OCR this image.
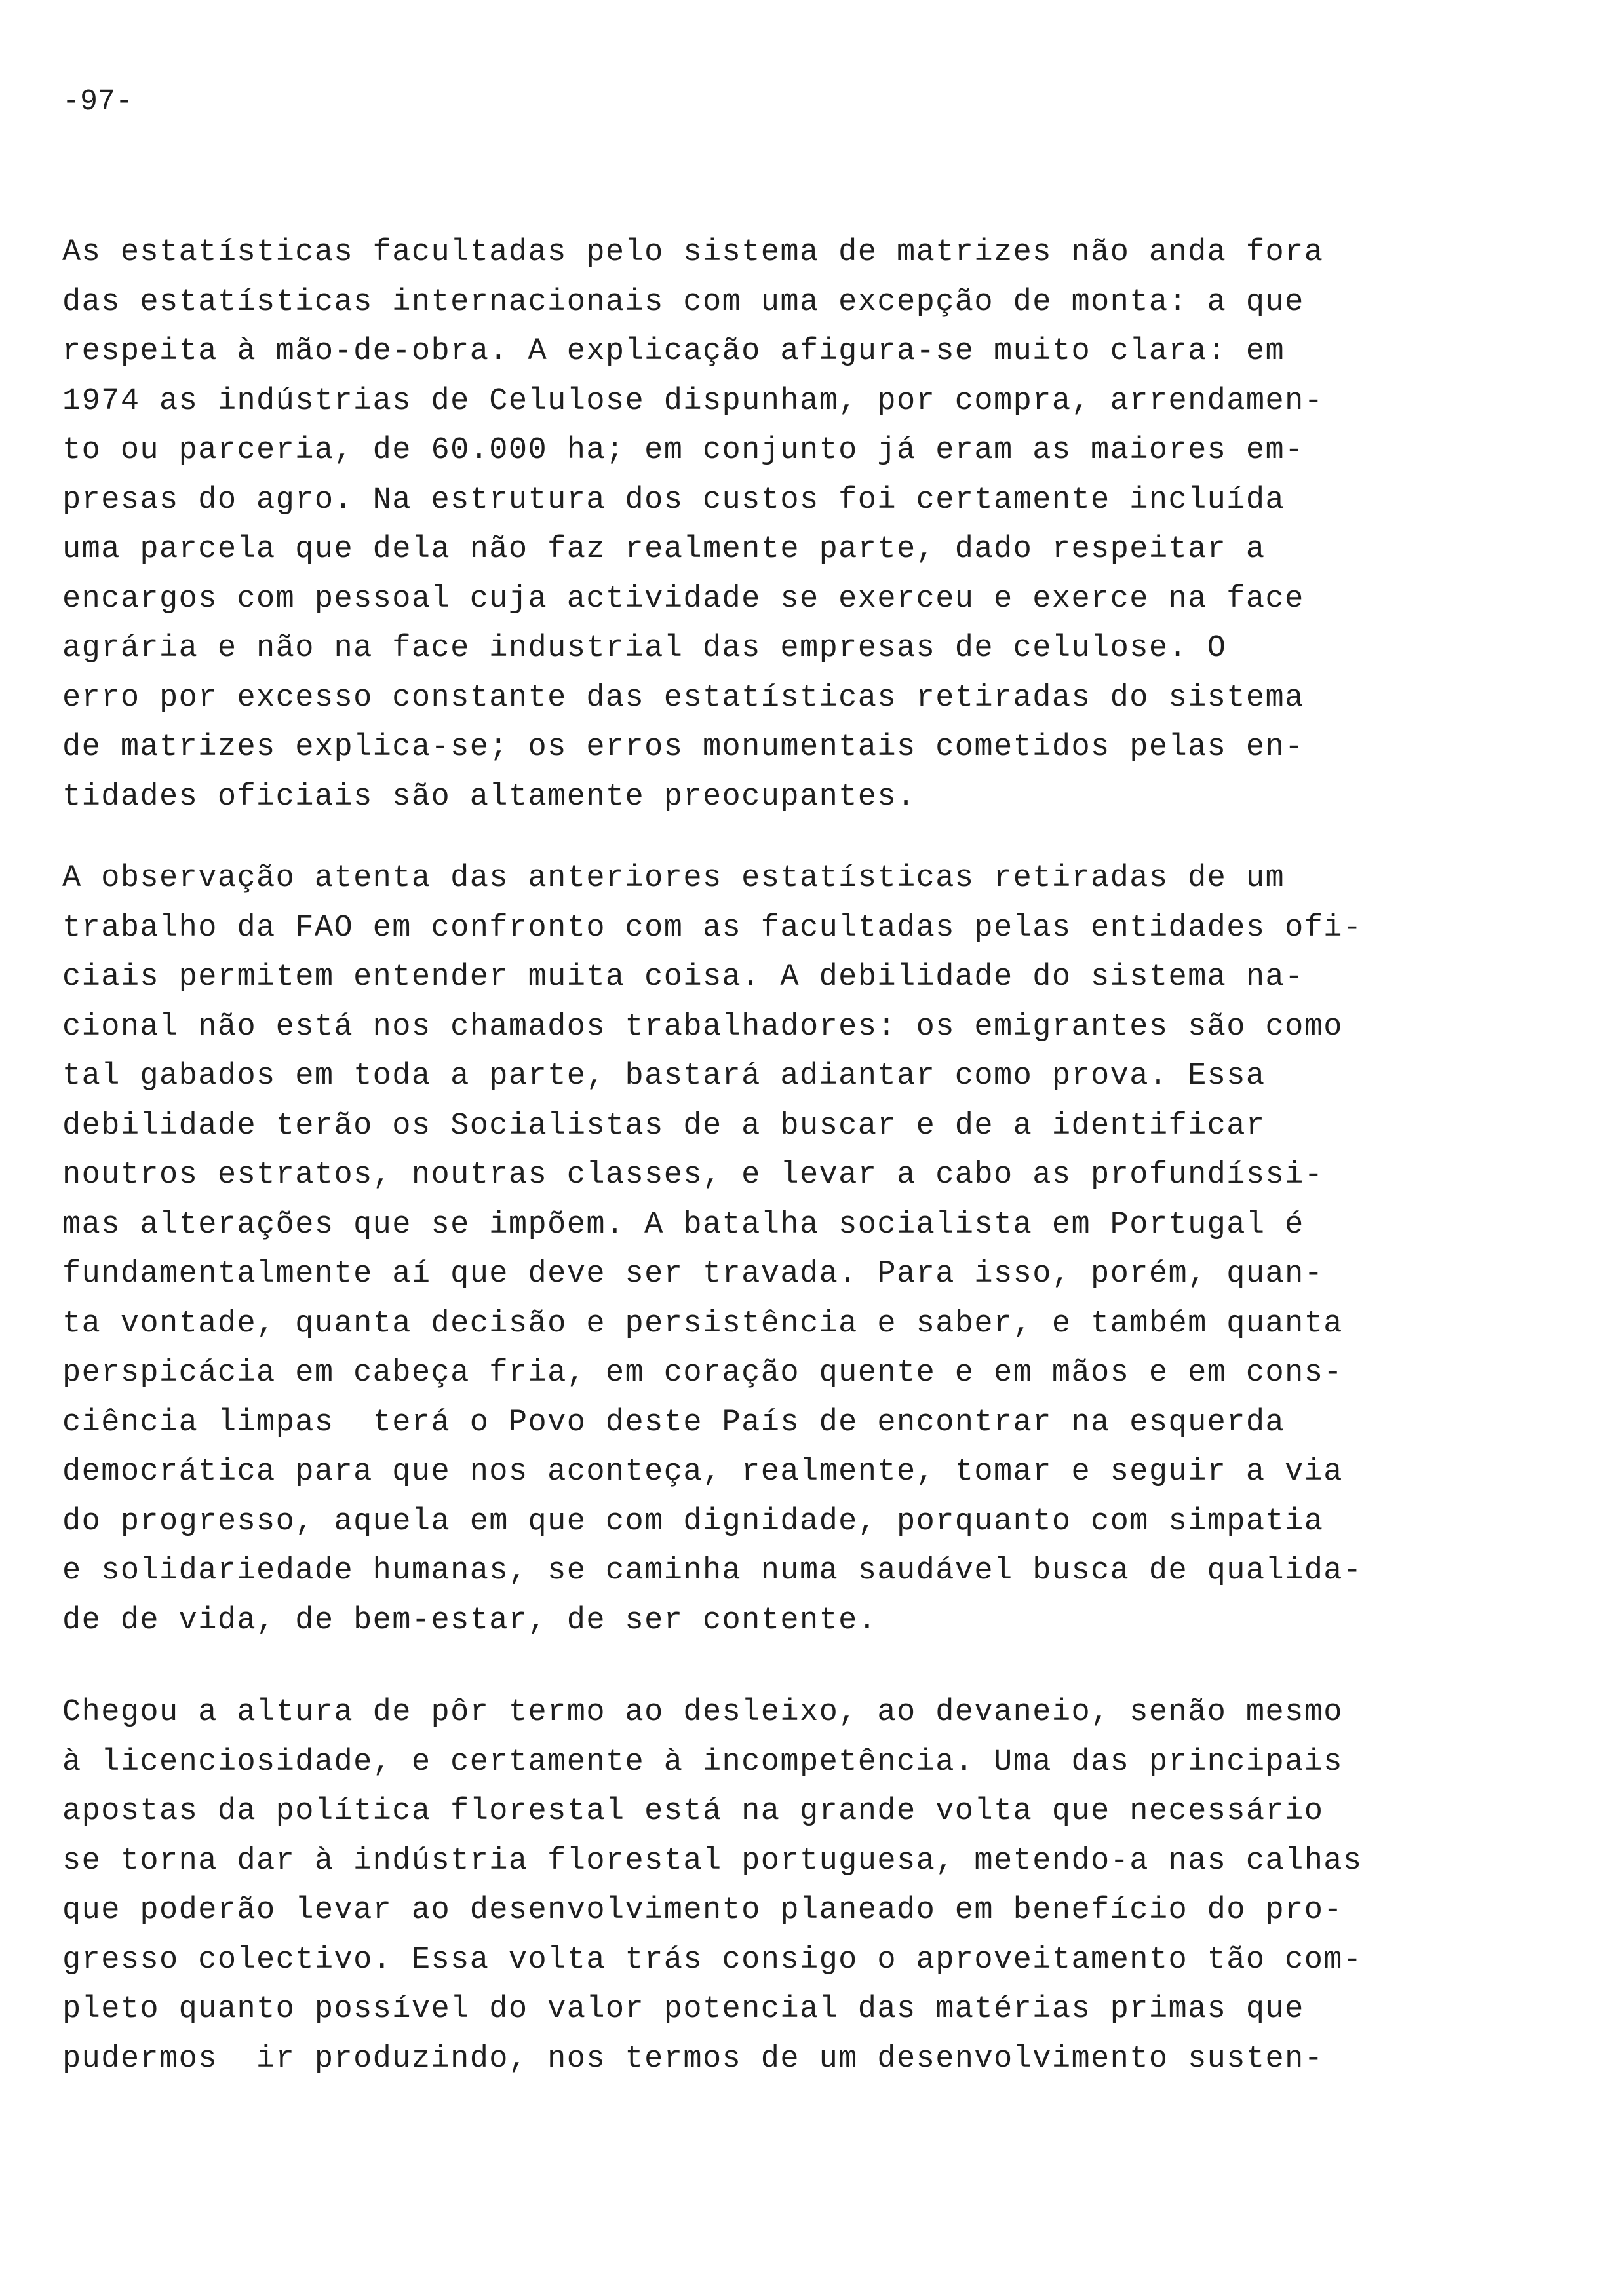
-97-
As estatísticas facultadas pelo sistema de matrizes não anda fora
das estatísticas internacionais com uma excepção de monta: a que
respeita à mão-de-obra. A explicação afigura-se muito clara: em
1974 as indústrias de Celulose dispunham, por compra, arrendamen-
to ou parceria, de 60.000 ha; em conjunto já eram as maiores em-
presas do agro. Na estrutura dos custos foi certamente incluída
uma parcela que dela não faz realmente parte, dado respeitar a
encargos com pessoal cuja actividade se exerceu e exerce na face
agrária e não na face industrial das empresas de celulose. O
erro por excesso constante das estatísticas retiradas do sistema
de matrizes explica-se; os erros monumentais cometidos pelas en-
tidades oficiais são altamente preocupantes.
A observação atenta das anteriores estatísticas retiradas de um
trabalho da FAO em confronto com as facultadas pelas entidades ofi-
ciais permitem entender muita coisa. A debilidade do sistema na-
cional não está nos chamados trabalhadores: os emigrantes são como
tal gabados em toda a parte, bastará adiantar como prova. Essa
debilidade terão os Socialistas de a buscar e de a identificar
noutros estratos, noutras classes, e levar a cabo as profundíssi-
mas alterações que se impõem. A batalha socialista em Portugal é
fundamentalmente aí que deve ser travada. Para isso, porém, quan-
ta vontade, quanta decisão e persistência e saber, e também quanta
perspicácia em cabeça fria, em coração quente e em mãos e em cons-
ciência limpas  terá o Povo deste País de encontrar na esquerda
democrática para que nos aconteça, realmente, tomar e seguir a via
do progresso, aquela em que com dignidade, porquanto com simpatia
e solidariedade humanas, se caminha numa saudável busca de qualida-
de de vida, de bem-estar, de ser contente.
Chegou a altura de pôr termo ao desleixo, ao devaneio, senão mesmo
à licenciosidade, e certamente à incompetência. Uma das principais
apostas da política florestal está na grande volta que necessário
se torna dar à indústria florestal portuguesa, metendo-a nas calhas
que poderão levar ao desenvolvimento planeado em benefício do pro-
gresso colectivo. Essa volta trás consigo o aproveitamento tão com-
pleto quanto possível do valor potencial das matérias primas que
pudermos  ir produzindo, nos termos de um desenvolvimento susten-
